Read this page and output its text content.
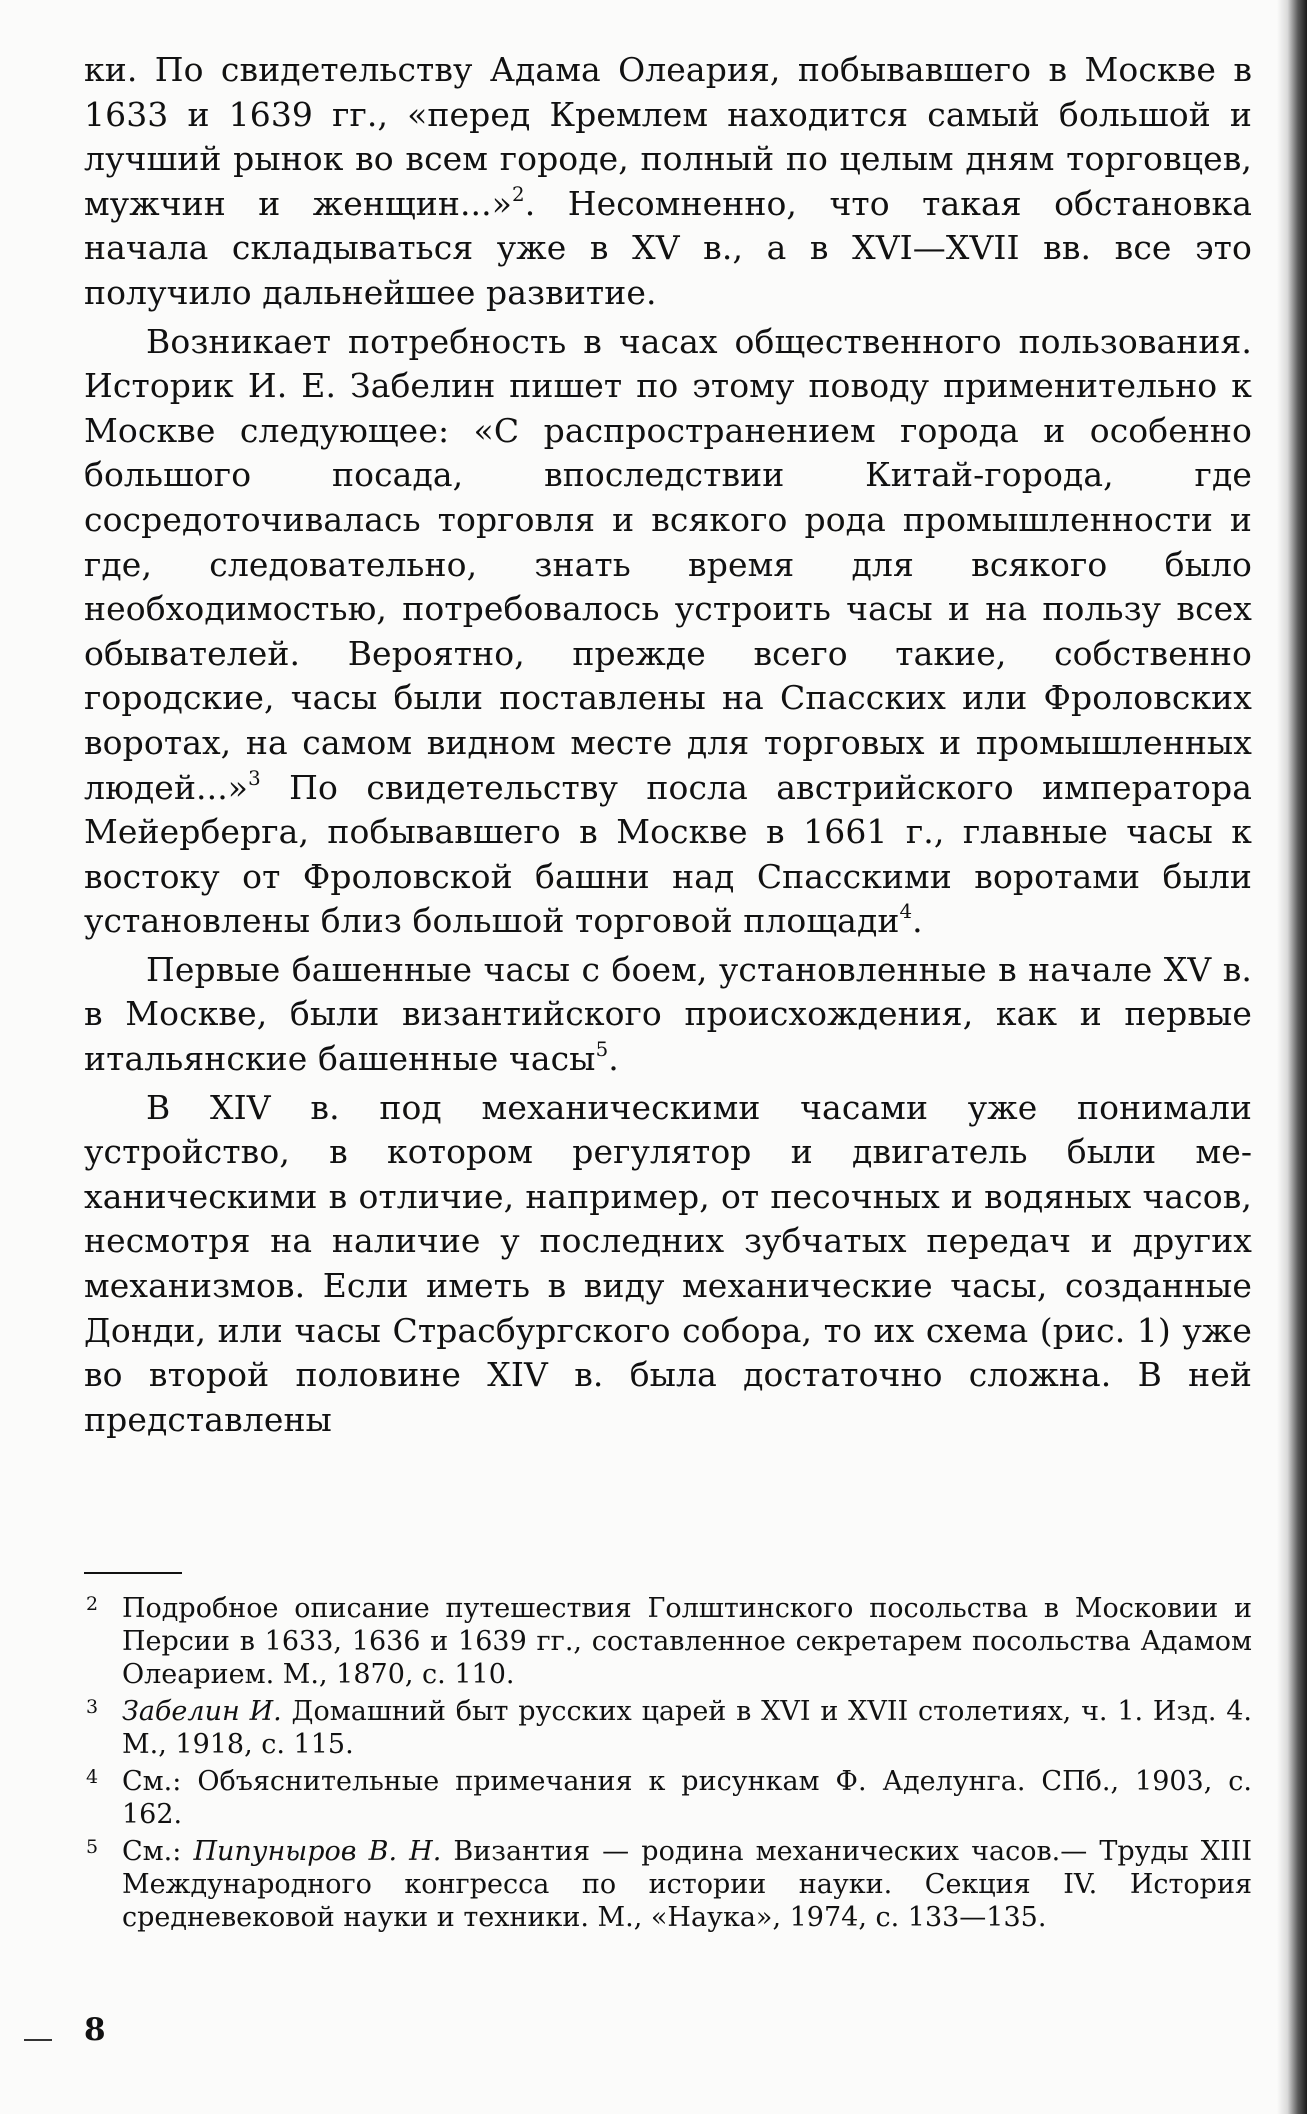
ки. По свидетельству Адама Олеария, побывавшего в Москве в 1633 и 1639 гг., «перед Кремлем находится самый большой и лучший рынок во всем городе, полный по целым дням торговцев, мужчин и женщин...»$^2$. Несомненно, что такая обстановка начала складываться уже в XV в., а в XVI—XVII вв. все это получило дальнейшее развитие.

Возникает потребность в часах общественного пользования. Историк И. Е. Забелин пишет по этому поводу применительно к Москве следующее: «С распространением города и особенно большого посада, впоследствии Китай-города, где сосредоточивалась торговля и всякого рода промышленности и где, следовательно, знать время для всякого было необходимостью, потребовалось устроить часы и на пользу всех обывателей. Вероятно, прежде всего такие, собственно городские, часы были поставлены на Спасских или Фроловских воротах, на самом видном месте для торговых и промышленных людей...»$^3$ По свидетельству посла австрийского императора Мейерберга, побывавшего в Москве в 1661 г., главные часы к востоку от Фроловской башни над Спасскими воротами были установлены близ большой торговой площади$^4$.

Первые башенные часы с боем, установленные в начале XV в. в Москве, были византийского происхождения, как и первые итальянские башенные часы$^5$.

В XIV в. под механическими часами уже понимали устройство, в котором регулятор и двигатель были механическими в отличие, например, от песочных и водяных часов, несмотря на наличие у последних зубчатых передач и других механизмов. Если иметь в виду механические часы, созданные Донди, или часы Страсбургского собора, то их схема (рис. 1) уже во второй половине XIV в. была достаточно сложна. В ней представлены

2 Подробное описание путешествия Голштинского посольства в Московии и Персии в 1633, 1636 и 1639 гг., составленное секретарем посольства Адамом Олеарием. М., 1870, с. 110.

3 Забелин И. Домашний быт русских царей в XVI и XVII столетиях, ч. 1. Изд. 4. М., 1918, с. 115.

4 См.: Объяснительные примечания к рисункам Ф. Аделунга. СПб., 1903, с. 162.

5 См.: Пипуныров В. Н. Византия — родина механических часов.— Труды XIII Международного конгресса по истории науки. Секция IV. История средневековой науки и техники. М., «Наука», 1974, с. 133—135.

8
